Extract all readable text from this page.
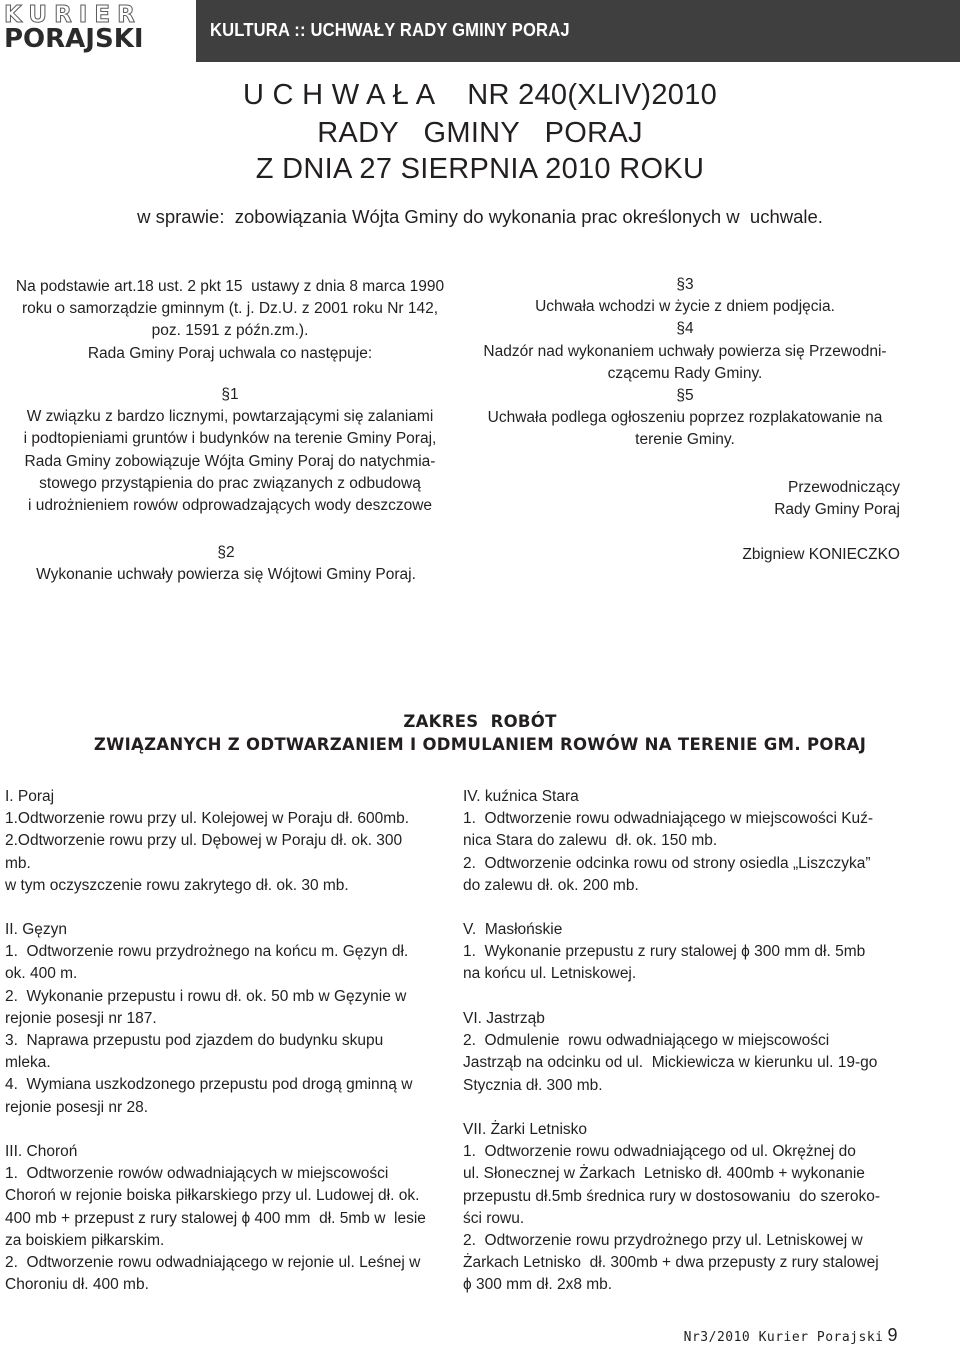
KURIER
PORAJSKI	KULTURA :: UCHWAŁY RADY GMINY PORAJ
U C H W A Ł A    NR 240(XLIV)2010
RADY   GMINY   PORAJ
Z DNIA 27 SIERPNIA 2010 ROKU
w sprawie:  zobowiązania Wójta Gminy do wykonania prac określonych w  uchwale.
Na podstawie art.18 ust. 2 pkt 15  ustawy z dnia 8 marca 1990
roku o samorządzie gminnym (t. j. Dz.U. z 2001 roku Nr 142,
poz. 1591 z późn.zm.).
Rada Gminy Poraj uchwala co następuje:
§1
W związku z bardzo licznymi, powtarzającymi się zalaniami
i podtopieniami gruntów i budynków na terenie Gminy Poraj,
Rada Gminy zobowiązuje Wójta Gminy Poraj do natychmia-
stowego przystąpienia do prac związanych z odbudową
i udrożnieniem rowów odprowadzających wody deszczowe
§2
Wykonanie uchwały powierza się Wójtowi Gminy Poraj.
§3
Uchwała wchodzi w życie z dniem podjęcia.
§4
Nadzór nad wykonaniem uchwały powierza się Przewodni-
czącemu Rady Gminy.
§5
Uchwała podlega ogłoszeniu poprzez rozplakatowanie na
terenie Gminy.
Przewodniczący
Rady Gminy Poraj
Zbigniew KONIECZKO
ZAKRES  ROBÓT
ZWIĄZANYCH Z ODTWARZANIEM I ODMULANIEM ROWÓW NA TERENIE GM. PORAJ
I. Poraj
1.Odtworzenie rowu przy ul. Kolejowej w Poraju dł. 600mb.
2.Odtworzenie rowu przy ul. Dębowej w Poraju dł. ok. 300
mb.
w tym oczyszczenie rowu zakrytego dł. ok. 30 mb.
II. Gęzyn
1.  Odtworzenie rowu przydrożnego na końcu m. Gęzyn dł.
ok. 400 m.
2.  Wykonanie przepustu i rowu dł. ok. 50 mb w Gęzynie w
rejonie posesji nr 187.
3.  Naprawa przepustu pod zjazdem do budynku skupu
mleka.
4.  Wymiana uszkodzonego przepustu pod drogą gminną w
rejonie posesji nr 28.
III. Choroń
1.  Odtworzenie rowów odwadniających w miejscowości
Choroń w rejonie boiska piłkarskiego przy ul. Ludowej dł. ok.
400 mb + przepust z rury stalowej ϕ 400 mm  dł. 5mb w  lesie
za boiskiem piłkarskim.
2.  Odtworzenie rowu odwadniającego w rejonie ul. Leśnej w
Choroniu dł. 400 mb.
IV. kuźnica Stara
1.  Odtworzenie rowu odwadniającego w miejscowości Kuź-
nica Stara do zalewu  dł. ok. 150 mb.
2.  Odtworzenie odcinka rowu od strony osiedla „Liszczyka”
do zalewu dł. ok. 200 mb.
V.  Masłońskie
1.  Wykonanie przepustu z rury stalowej ϕ 300 mm dł. 5mb
na końcu ul. Letniskowej.
VI. Jastrząb
2.  Odmulenie  rowu odwadniającego w miejscowości
Jastrząb na odcinku od ul.  Mickiewicza w kierunku ul. 19-go
Stycznia dł. 300 mb.
VII. Żarki Letnisko
1.  Odtworzenie rowu odwadniającego od ul. Okrężnej do
ul. Słonecznej w Żarkach  Letnisko dł. 400mb + wykonanie
przepustu dł.5mb średnica rury w dostosowaniu  do szeroko-
ści rowu.
2.  Odtworzenie rowu przydrożnego przy ul. Letniskowej w
Żarkach Letnisko  dł. 300mb + dwa przepusty z rury stalowej
ϕ 300 mm dł. 2x8 mb.
Nr3/2010 Kurier Porajski 9
